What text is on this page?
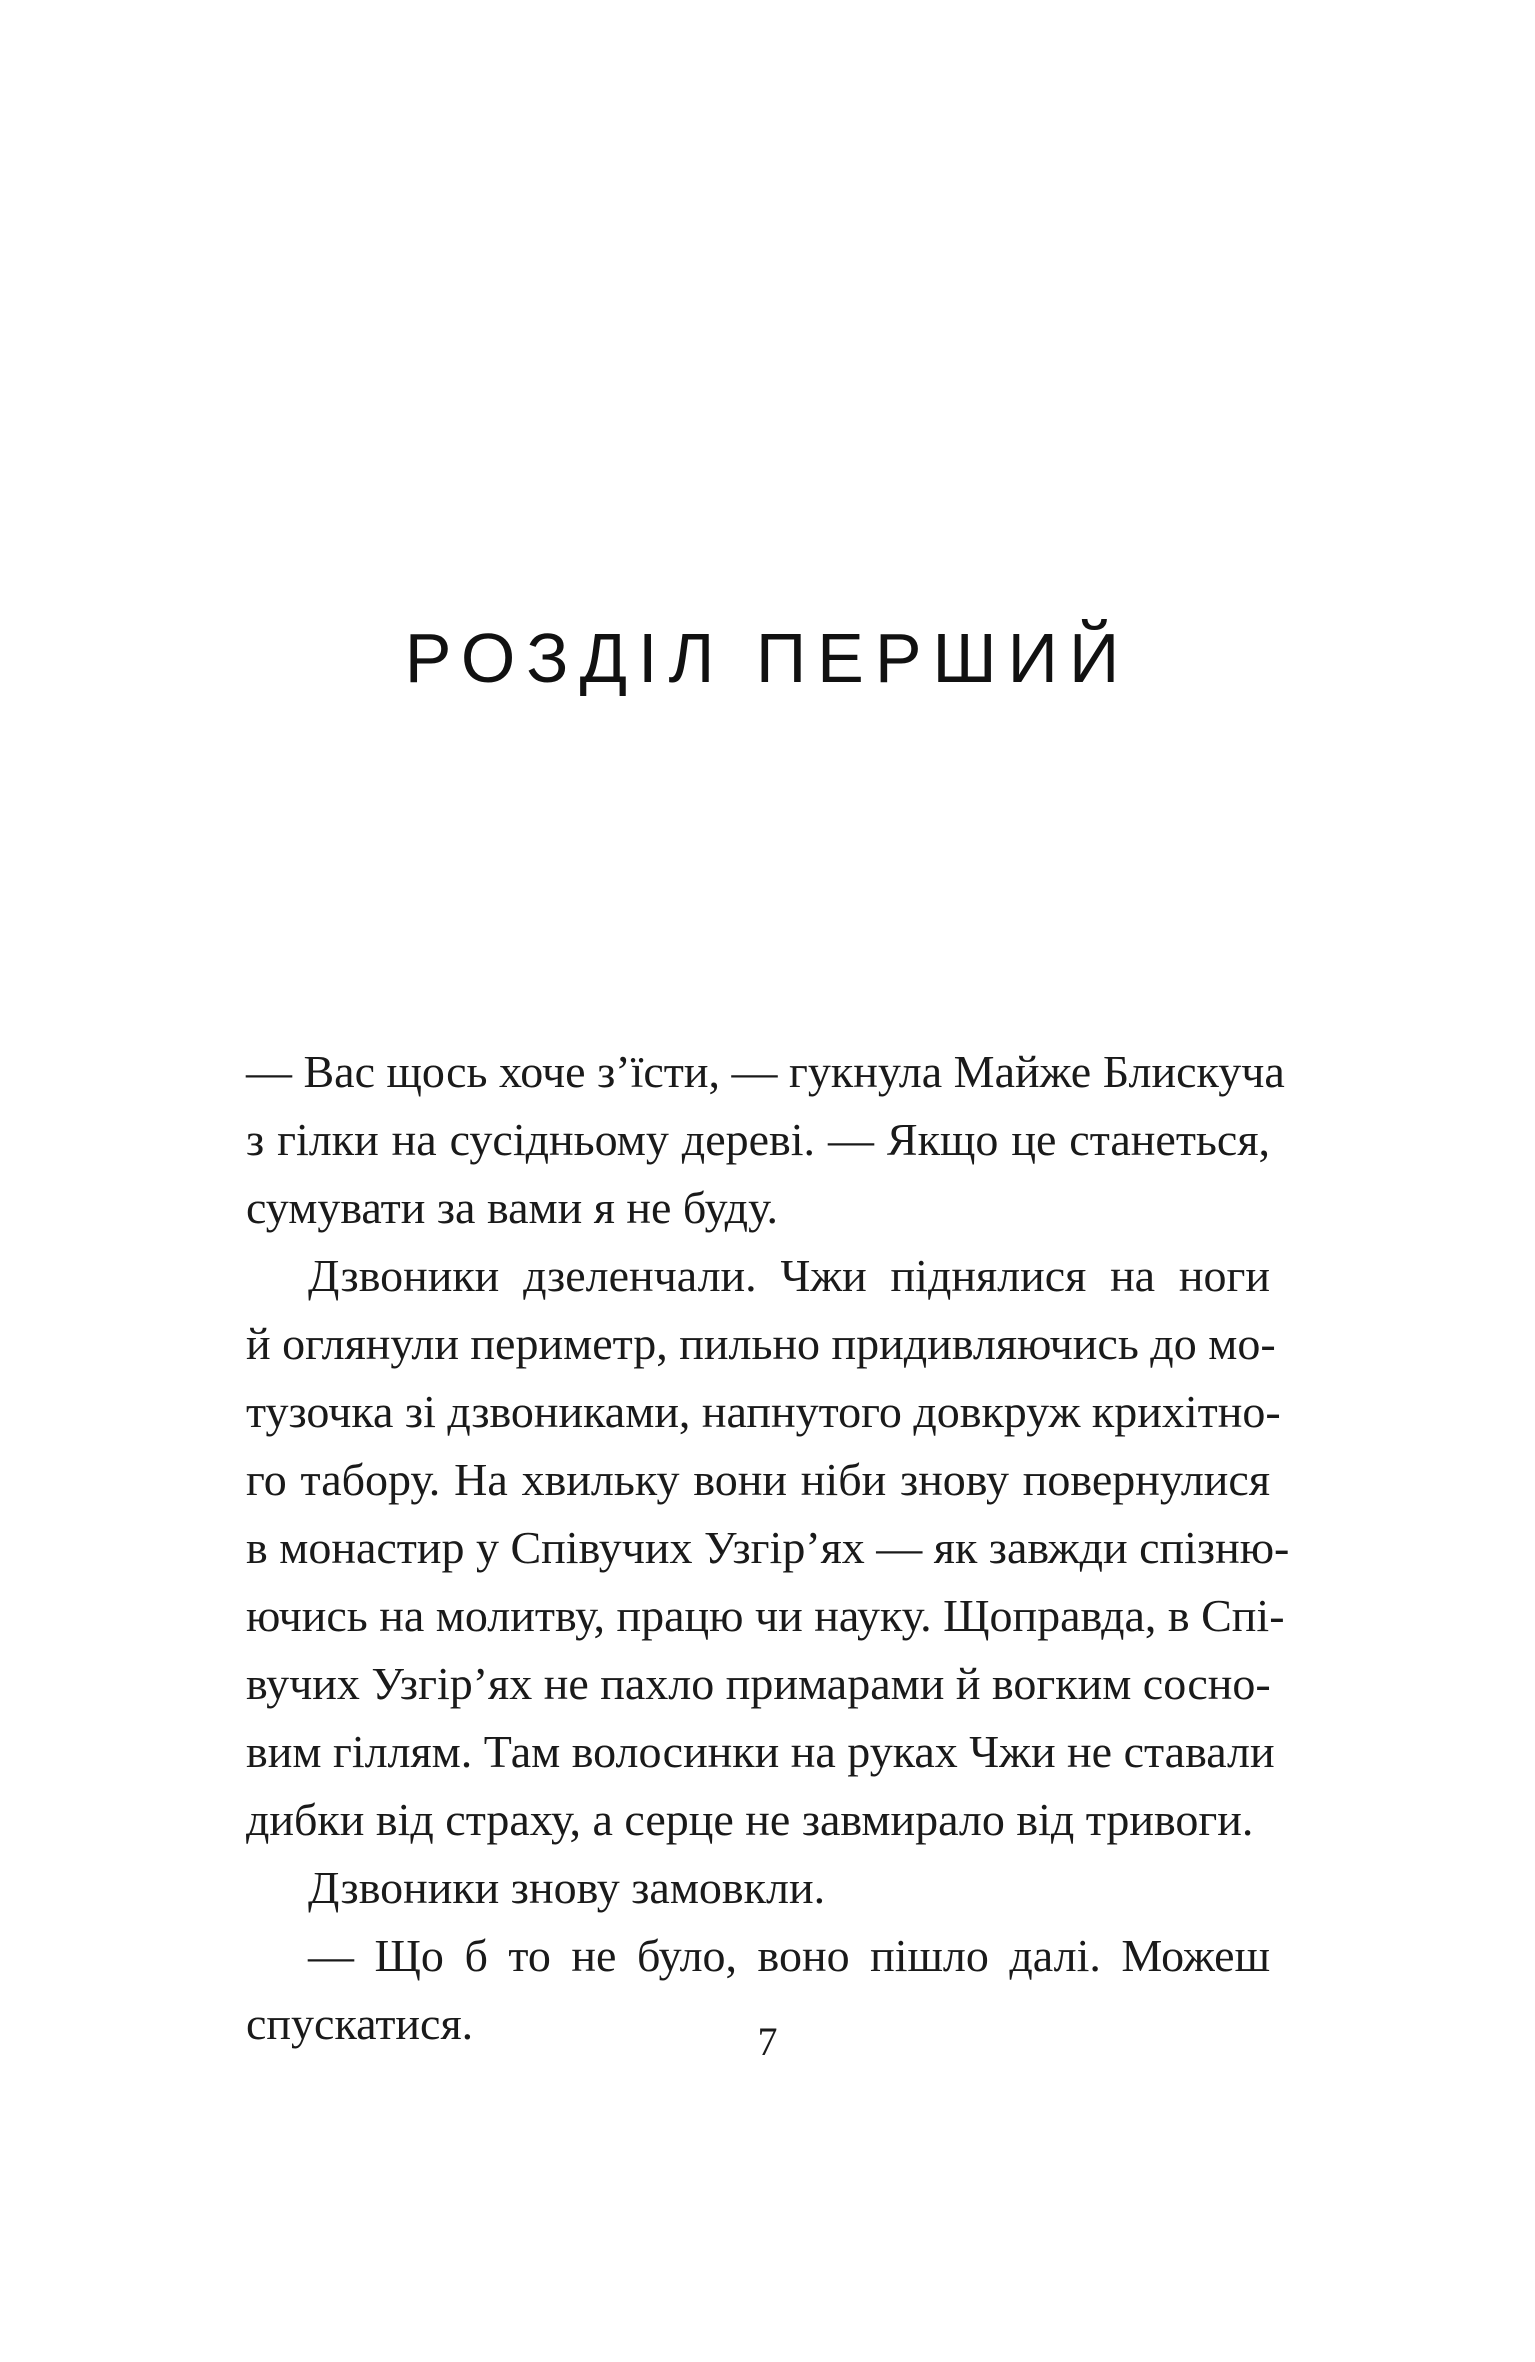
РОЗДІЛ ПЕРШИЙ
— Вас щось хоче з’їсти, — гукнула Майже Блискуча
з гілки на сусідньому дереві. — Якщо це станеться,
сумувати за вами я не буду.
Дзвоники дзеленчали. Чжи піднялися на ноги
й оглянули периметр, пильно придивляючись до мо-
тузочка зі дзвониками, напнутого довкруж крихітно-
го табору. На хвильку вони ніби знову повернулися
в монастир у Співучих Узгір’ях — як завжди спізню-
ючись на молитву, працю чи науку. Щоправда, в Спі-
вучих Узгір’ях не пахло примарами й вогким сосно-
вим гіллям. Там волосинки на руках Чжи не ставали
дибки від страху, а серце не завмирало від тривоги.
Дзвоники знову замовкли.
— Що б то не було, воно пішло далі. Можеш
спускатися.	7
